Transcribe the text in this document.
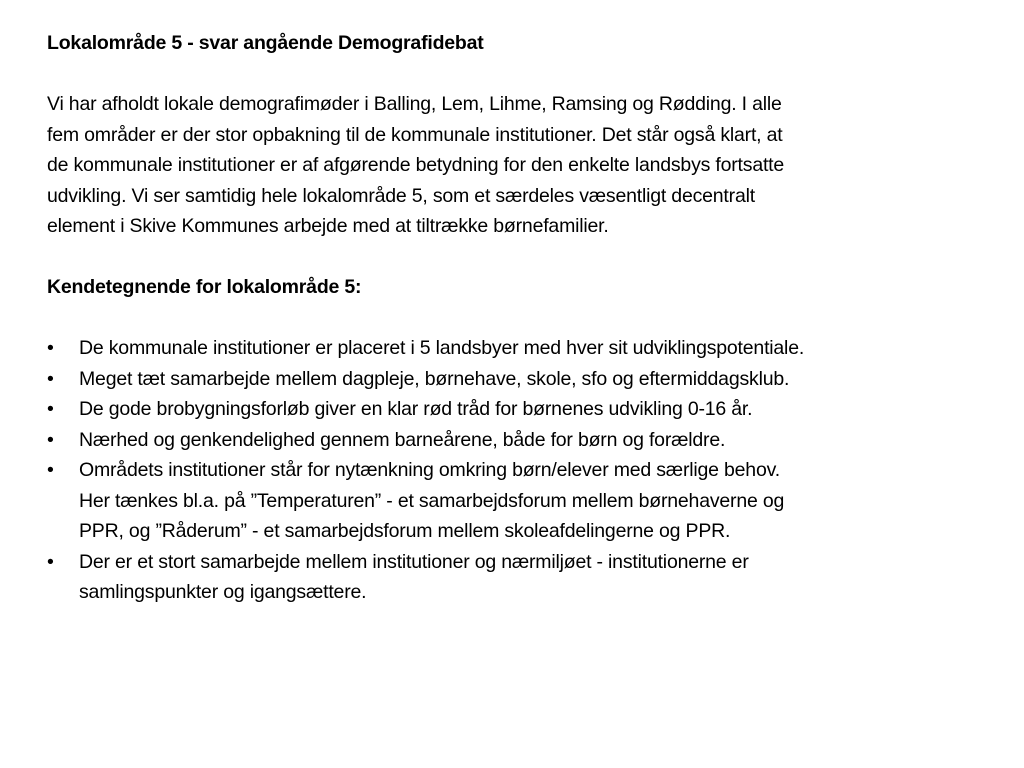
Lokalområde 5 - svar angående Demografidebat

Vi har afholdt lokale demografimøder i Balling, Lem, Lihme, Ramsing og Rødding. I alle

fem områder er der stor opbakning til de kommunale institutioner. Det står også klart, at

de kommunale institutioner er af afgørende betydning for den enkelte landsbys fortsatte

udvikling. Vi ser samtidig hele lokalområde 5, som et særdeles væsentligt decentralt

element i Skive Kommunes arbejde med at tiltrække børnefamilier.

Kendetegnende for lokalområde 5:

•	De kommunale institutioner er placeret i 5 landsbyer med hver sit udviklingspotentiale.
•	Meget tæt samarbejde mellem dagpleje, børnehave, skole, sfo og eftermiddagsklub.
•	De gode brobygningsforløb giver en klar rød tråd for børnenes udvikling 0-16 år.
•	Nærhed og genkendelighed gennem barneårene, både for børn og forældre.
•	Områdets institutioner står for nytænkning omkring børn/elever med særlige behov.
Her tænkes bl.a. på ”Temperaturen” - et samarbejdsforum mellem børnehaverne og
PPR, og ”Råderum” - et samarbejdsforum mellem skoleafdelingerne og PPR.
•	Der er et stort samarbejde mellem institutioner og nærmiljøet - institutionerne er
samlingspunkter og igangsættere.
